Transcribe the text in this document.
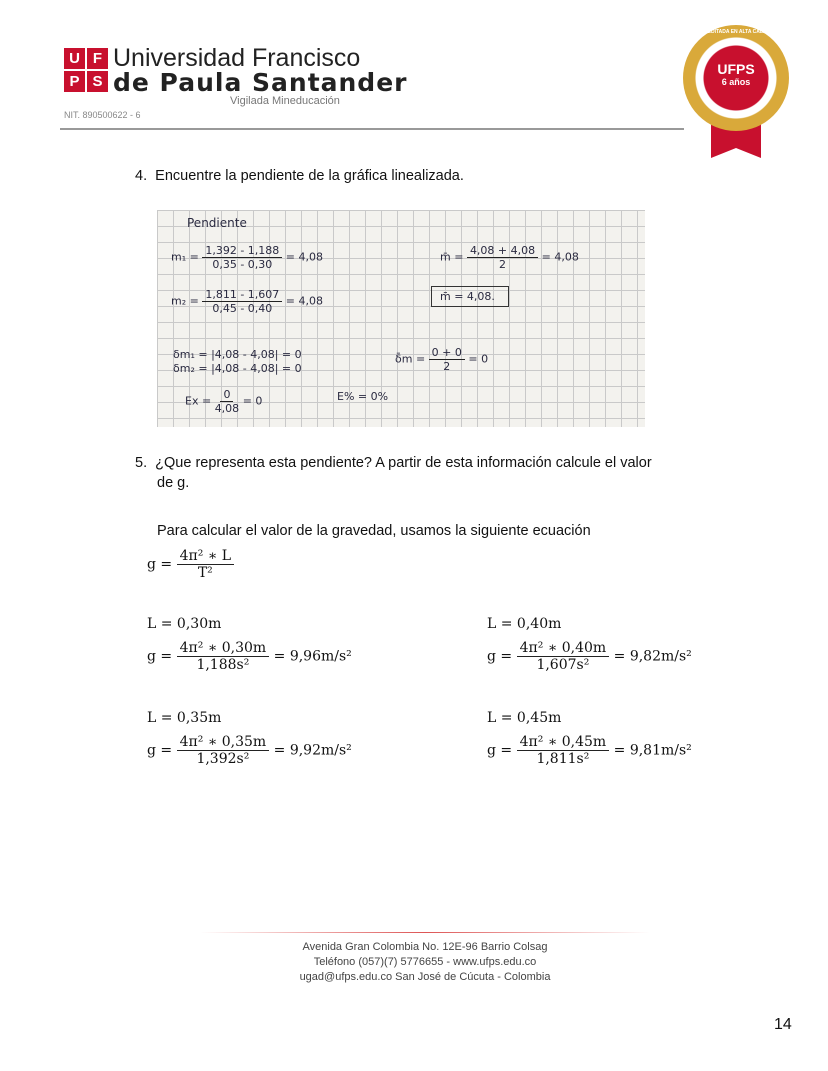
U F
P S
Universidad Francisco
de Paula Santander
Vigilada Mineducación
NIT. 890500622 - 6
ACREDITADA EN ALTA CALIDAD
UFPS
6 años
4. Encuentre la pendiente de la gráfica linealizada.
Pendiente
$m_1 = \frac{1,392 - 1,188}{0,35 - 0,30} = 4,08$	m̄ = $\frac{4,08 + 4,08}{2} = 4,08$
$m_2 = \frac{1,811 - 1,607}{0,45 - 0,40} = 4,08$	m̄ = 4,08.
δm₁ = |4,08 - 4,08| = 0
δm₂ = |4,08 - 4,08| = 0
δ̄m = $\frac{0 + 0}{2} = 0$
$Ex = \frac{0}{4,08} = 0$	E% = 0%
5. ¿Que representa esta pendiente? A partir de esta información calcule el valor
de g.
Para calcular el valor de la gravedad, usamos la siguiente ecuación
$g = \frac{\text{4π² ∗ L}}{\text{T²}}$
L = 0,30m
$g = \frac{\text{4π² ∗ 0,30m}}{\text{1,188s²}} = 9,96m/s^2$
L = 0,40m
$g = \frac{\text{4π² ∗ 0,40m}}{\text{1,607s²}} = 9,82m/s^2$
L = 0,35m
$g = \frac{\text{4π² ∗ 0,35m}}{\text{1,392s²}} = 9,92m/s^2$
L = 0,45m
$g = \frac{\text{4π² ∗ 0,45m}}{\text{1,811s²}} = 9,81m/s^2$
Avenida Gran Colombia No. 12E-96 Barrio Colsag
Teléfono (057)(7) 5776655 - www.ufps.edu.co
ugad@ufps.edu.co San José de Cúcuta - Colombia
14
